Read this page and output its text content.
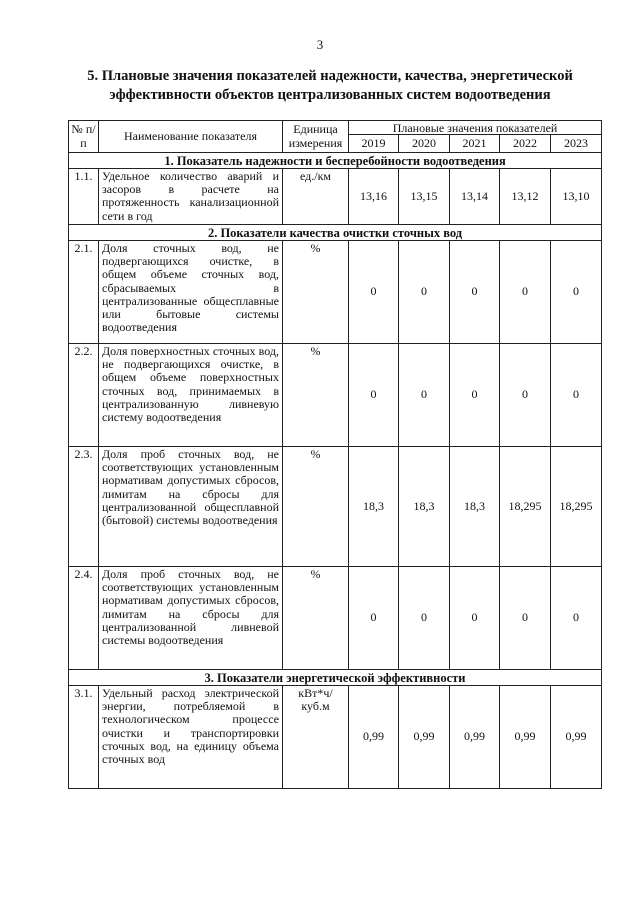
3
5. Плановые значения показателей надежности, качества, энергетической эффективности объектов централизованных систем водоотведения
№ п/п	Наименование показателя	Единица измерения	Плановые значения показателей				
			2019	2020	2021	2022	2023
1. Показатель надежности и бесперебойности водоотведения							
1.1.	Удельное количество аварий и засоров в расчете на протяженность канализационной сети в год	ед./км	13,16	13,15	13,14	13,12	13,10
2. Показатели качества очистки сточных вод							
2.1.	Доля сточных вод, не подвергающихся очистке, в общем объеме сточных вод, сбрасываемых в централизованные общесплавные или бытовые системы водоотведения	%	0	0	0	0	0
2.2.	Доля поверхностных сточных вод, не подвергающихся очистке, в общем объеме поверхностных сточных вод, принимаемых в централизованную ливневую систему водоотведения	%	0	0	0	0	0
2.3.	Доля проб сточных вод, не соответствующих установленным нормативам допустимых сбросов, лимитам на сбросы для централизованной общесплавной (бытовой) системы водоотведения	%	18,3	18,3	18,3	18,295	18,295
2.4.	Доля проб сточных вод, не соответствующих установленным нормативам допустимых сбросов, лимитам на сбросы для централизованной ливневой системы водоотведения	%	0	0	0	0	0
3. Показатели энергетической эффективности							
3.1.	Удельный расход электрической энергии, потребляемой в технологическом процессе очистки и транспортировки сточных вод, на единицу объема сточных вод	кВт*ч/ куб.м	0,99	0,99	0,99	0,99	0,99
